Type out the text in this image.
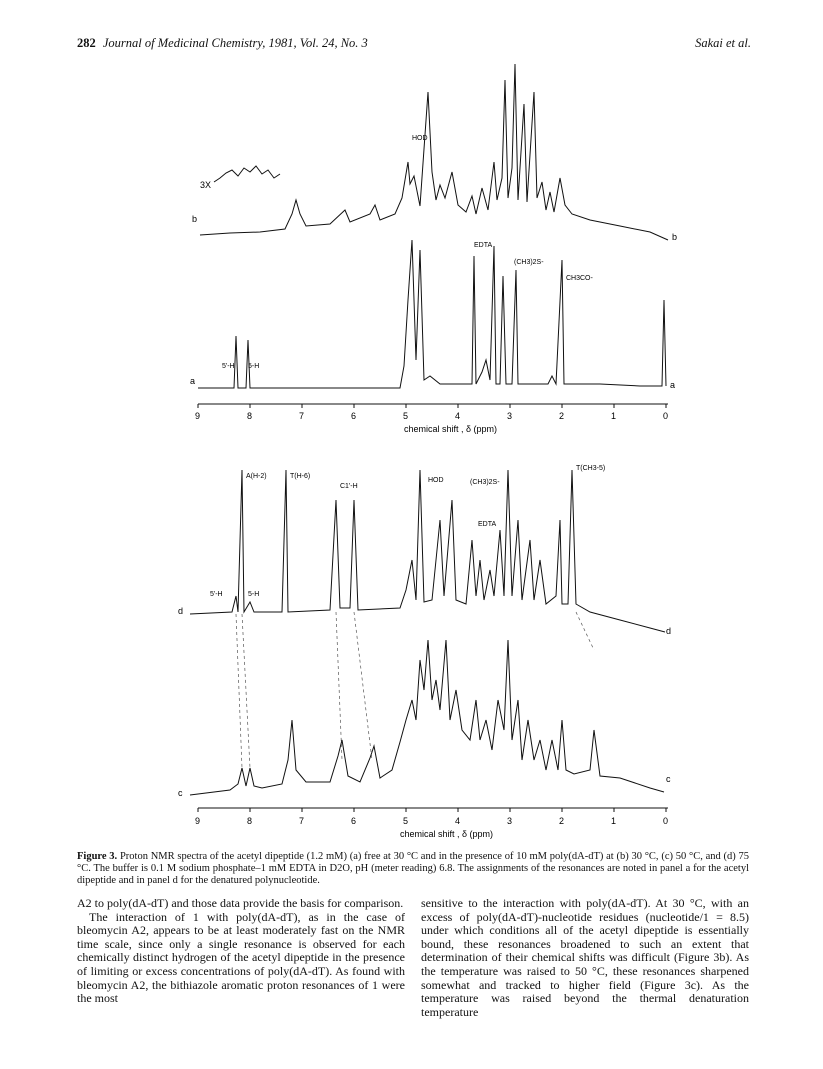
282 Journal of Medicinal Chemistry, 1981, Vol. 24, No. 3	Sakai et al.
3X
b
b
HOD
a	a
5'-H 5-H
EDTA
(CH3)2S-
CH3CO-
9	8	7	6	5	4	3	2	1	0
chemical shift , δ (ppm)
d
d
A(H-2)	T(H-6)
C1'-H
HOD	(CH3)2S-
T(CH3-5)
EDTA
5'-H	5-H
c
c
9	8	7	6	5	4	3	2	1	0
chemical shift , δ (ppm)
Figure 3. Proton NMR spectra of the acetyl dipeptide (1.2 mM) (a) free at 30 °C and in the presence of 10 mM poly(dA-dT) at (b) 30 °C, (c) 50 °C, and (d) 75 °C. The buffer is 0.1 M sodium phosphate–1 mM EDTA in D2O, pH (meter reading) 6.8. The assignments of the resonances are noted in panel a for the acetyl dipeptide and in panel d for the denatured polynucleotide.

A2 to poly(dA-dT) and those data provide the basis for comparison.

The interaction of 1 with poly(dA-dT), as in the case of bleomycin A2, appears to be at least moderately fast on the NMR time scale, since only a single resonance is observed for each chemically distinct hydrogen of the acetyl dipeptide in the presence of limiting or excess concentrations of poly(dA-dT). As found with bleomycin A2, the bithiazole aromatic proton resonances of 1 were the most

sensitive to the interaction with poly(dA-dT). At 30 °C, with an excess of poly(dA-dT)-nucleotide residues (nucleotide/1 = 8.5) under which conditions all of the acetyl dipeptide is essentially bound, these resonances broadened to such an extent that determination of their chemical shifts was difficult (Figure 3b). As the temperature was raised to 50 °C, these resonances sharpened somewhat and tracked to higher field (Figure 3c). As the temperature was raised beyond the thermal denaturation temperature
